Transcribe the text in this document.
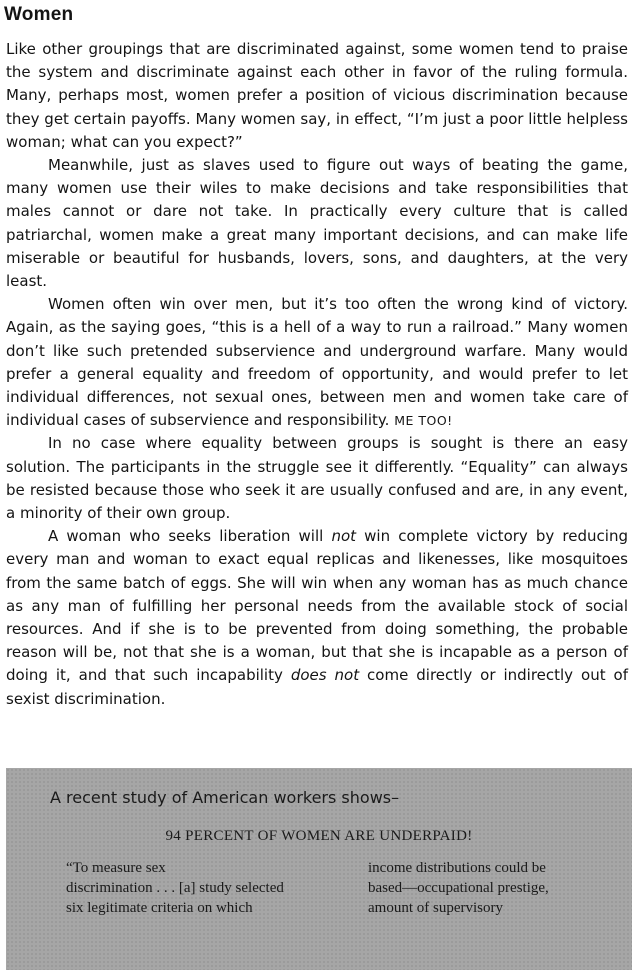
Women

Like other groupings that are discriminated against, some women tend to praise the system and discriminate against each other in favor of the ruling formula. Many, perhaps most, women prefer a position of vicious discrimination because they get certain payoffs. Many women say, in effect, “I’m just a poor little helpless woman; what can you expect?”

Meanwhile, just as slaves used to figure out ways of beating the game, many women use their wiles to make decisions and take responsibilities that males cannot or dare not take. In practically every culture that is called patriarchal, women make a great many important decisions, and can make life miserable or beautiful for husbands, lovers, sons, and daughters, at the very least.

Women often win over men, but it’s too often the wrong kind of victory. Again, as the saying goes, “this is a hell of a way to run a railroad.” Many women don’t like such pretended subservience and underground warfare. Many would prefer a general equality and freedom of opportunity, and would prefer to let individual differences, not sexual ones, between men and women take care of individual cases of subservience and responsibility. ME TOO!

In no case where equality between groups is sought is there an easy solution. The participants in the struggle see it differently. “Equality” can always be resisted because those who seek it are usually confused and are, in any event, a minority of their own group.

A woman who seeks liberation will not win complete victory by reducing every man and woman to exact equal replicas and likenesses, like mosquitoes from the same batch of eggs. She will win when any woman has as much chance as any man of fulfilling her personal needs from the available stock of social resources. And if she is to be prevented from doing something, the probable reason will be, not that she is a woman, but that she is incapable as a person of doing it, and that such incapability does not come directly or indirectly out of sexist discrimination.

A recent study of American workers shows–
94 PERCENT OF WOMEN ARE UNDERPAID!
“To measure sex
discrimination . . . [a] study selected
six legitimate criteria on which
income distributions could be
based—occupational prestige,
amount of supervisory
